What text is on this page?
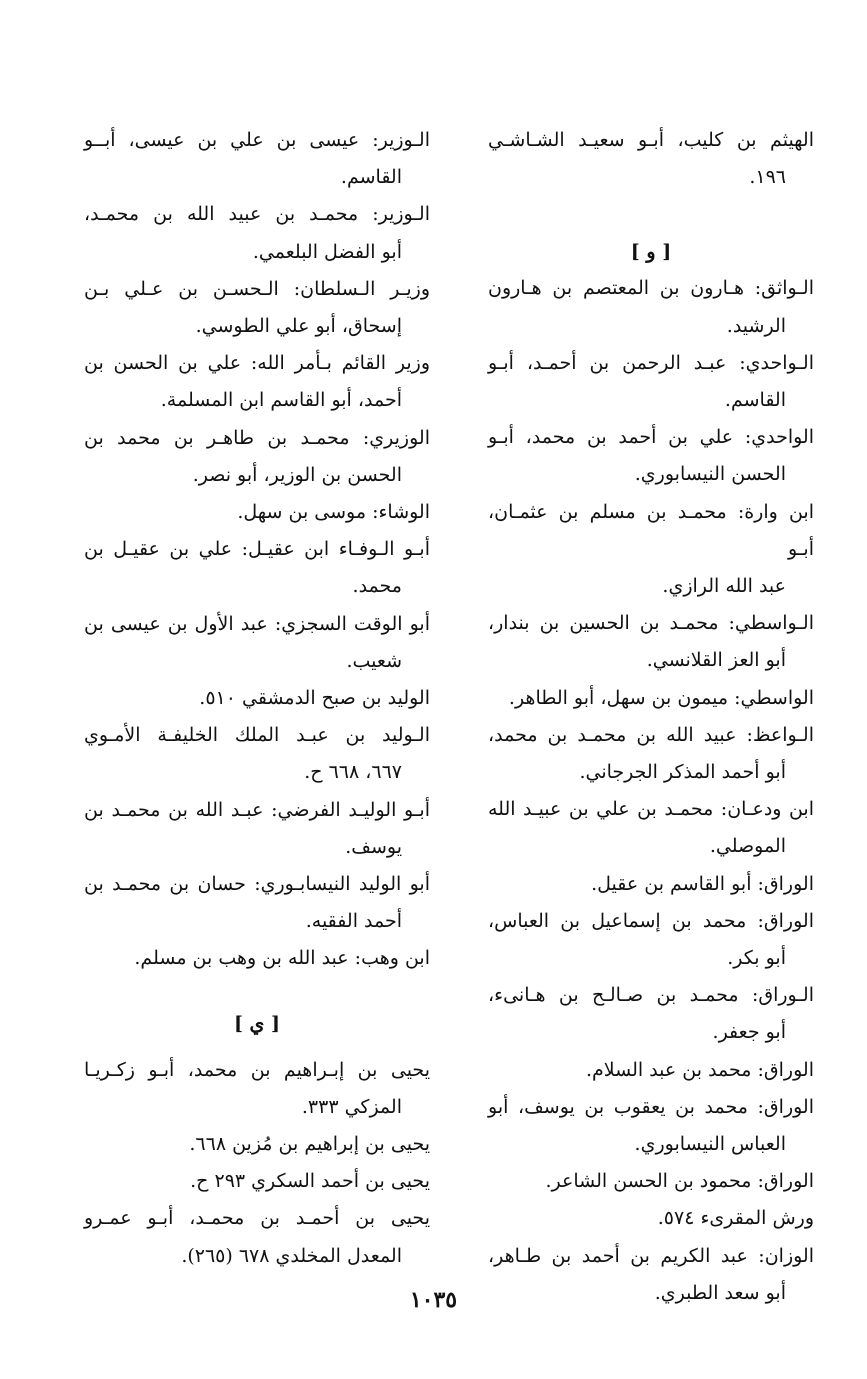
الهيثم بن كليب، أبـو سعيـد الشـاشـي
١٩٦.

[ و ]

الـواثق: هـارون بن المعتصم بن هـارون
الرشيد.

الـواحدي: عبـد الرحمن بن أحمـد، أبـو
القاسم.

الواحدي: علي بن أحمد بن محمد، أبـو
الحسن النيسابوري.

ابن وارة: محمـد بن مسلم بن عثمـان، أبـو
عبد الله الرازي.

الـواسطي: محمـد بن الحسين بن بندار،
أبو العز القلانسي.

الواسطي: ميمون بن سهل، أبو الطاهر.

الـواعظ: عبيد الله بن محمـد بن محمد،
أبو أحمد المذكر الجرجاني.

ابن ودعـان: محمـد بن علي بن عبيـد الله
الموصلي.

الوراق: أبو القاسم بن عقيل.

الوراق: محمد بن إسماعيل بن العباس،
أبو بكر.

الـوراق: محمـد بن صـالـح بن هـانىء،
أبو جعفر.

الوراق: محمد بن عبد السلام.

الوراق: محمد بن يعقوب بن يوسف، أبو
العباس النيسابوري.

الوراق: محمود بن الحسن الشاعر.

ورش المقرىء ٥٧٤.

الوزان: عبد الكريم بن أحمد بن طـاهر،
أبو سعد الطبري.

الـوزير: عيسى بن علي بن عيسى، أبــو
القاسم.

الـوزير: محمـد بن عبيد الله بن محمـد،
أبو الفضل البلعمي.

وزيـر الـسلطان: الـحسـن بن عـلي بـن
إسحاق، أبو علي الطوسي.

وزير القائم بـأمر الله: علي بن الحسن بن
أحمد، أبو القاسم ابن المسلمة.

الوزيري: محمـد بن طاهـر بن محمد بن
الحسن بن الوزير، أبو نصر.

الوشاء: موسى بن سهل.

أبـو الـوفـاء ابن عقيـل: علي بن عقيـل بن
محمد.

أبو الوقت السجزي: عبد الأول بن عيسى بن
شعيب.

الوليد بن صبح الدمشقي ٥١٠.

الـوليد بن عبـد الملك الخليفـة الأمـوي
٦٦٧، ٦٦٨ ح.

أبـو الوليـد الفرضي: عبـد الله بن محمـد بن
يوسف.

أبو الوليد النيسابـوري: حسان بن محمـد بن
أحمد الفقيه.

ابن وهب: عبد الله بن وهب بن مسلم.

[ ي ]

يحيى بن إبـراهيم بن محمد، أبـو زكـريـا
المزكي ٣٣٣.

يحيى بن إبراهيم بن مُزين ٦٦٨.

يحيى بن أحمد السكري ٢٩٣ ح.

يحيى بن أحمـد بن محمـد، أبـو عمـرو
المعدل المخلدي ٦٧٨ (٢٦٥).

١٠٣٥
